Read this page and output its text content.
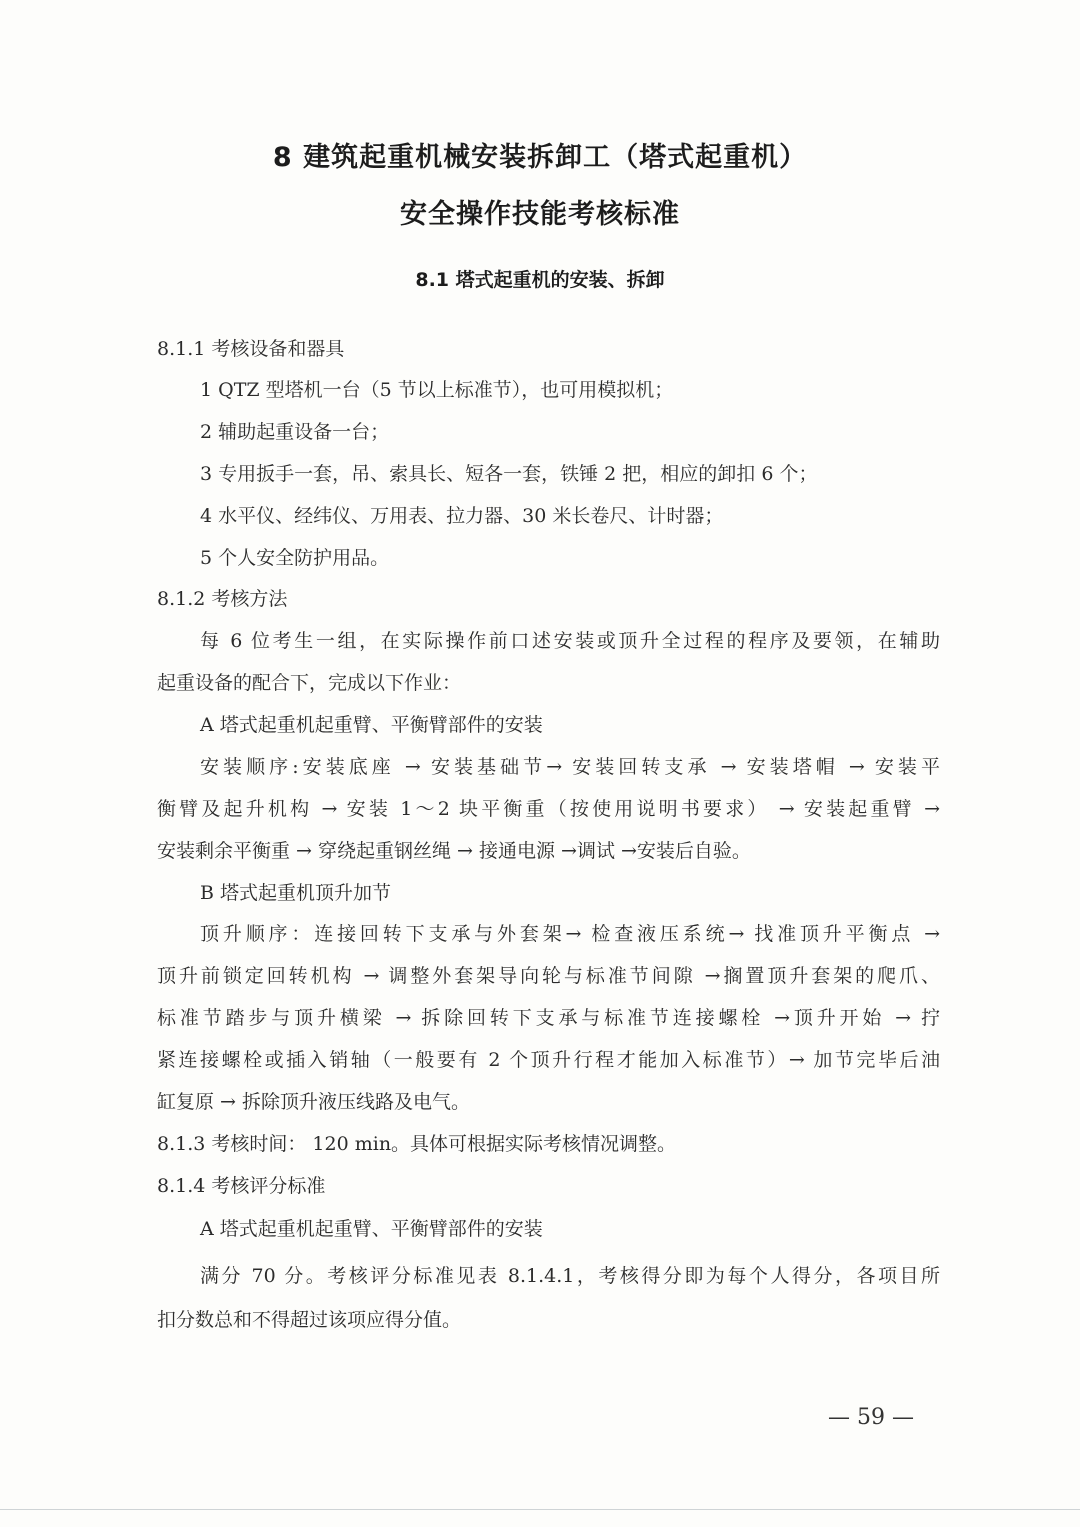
8 建筑起重机械安装拆卸工（塔式起重机）
安全操作技能考核标准
8.1 塔式起重机的安装、拆卸
8.1.1 考核设备和器具
1 QTZ 型塔机一台（5 节以上标准节），也可用模拟机；
2 辅助起重设备一台；
3 专用扳手一套，吊、索具长、短各一套，铁锤 2 把，相应的卸扣 6 个；
4 水平仪、经纬仪、万用表、拉力器、30 米长卷尺、计时器；
5 个人安全防护用品。
8.1.2 考核方法
每 6 位考生一组，在实际操作前口述安装或顶升全过程的程序及要领，在辅助
起重设备的配合下，完成以下作业：
A 塔式起重机起重臂、平衡臂部件的安装
安装顺序:安装底座 → 安装基础节→ 安装回转支承 → 安装塔帽 → 安装平
衡臂及起升机构 → 安装 1～2 块平衡重（按使用说明书要求） → 安装起重臂 →
安装剩余平衡重 → 穿绕起重钢丝绳 → 接通电源 →调试 →安装后自验。
B 塔式起重机顶升加节
顶升顺序：连接回转下支承与外套架→ 检查液压系统→ 找准顶升平衡点 →
顶升前锁定回转机构 → 调整外套架导向轮与标准节间隙 →搁置顶升套架的爬爪、
标准节踏步与顶升横梁 → 拆除回转下支承与标准节连接螺栓 →顶升开始 → 拧
紧连接螺栓或插入销轴（一般要有 2 个顶升行程才能加入标准节）→ 加节完毕后油
缸复原 → 拆除顶升液压线路及电气。
8.1.3 考核时间： 120 min。具体可根据实际考核情况调整。
8.1.4 考核评分标准
A 塔式起重机起重臂、平衡臂部件的安装
满分 70 分。考核评分标准见表 8.1.4.1，考核得分即为每个人得分，各项目所
扣分数总和不得超过该项应得分值。
— 59 —
